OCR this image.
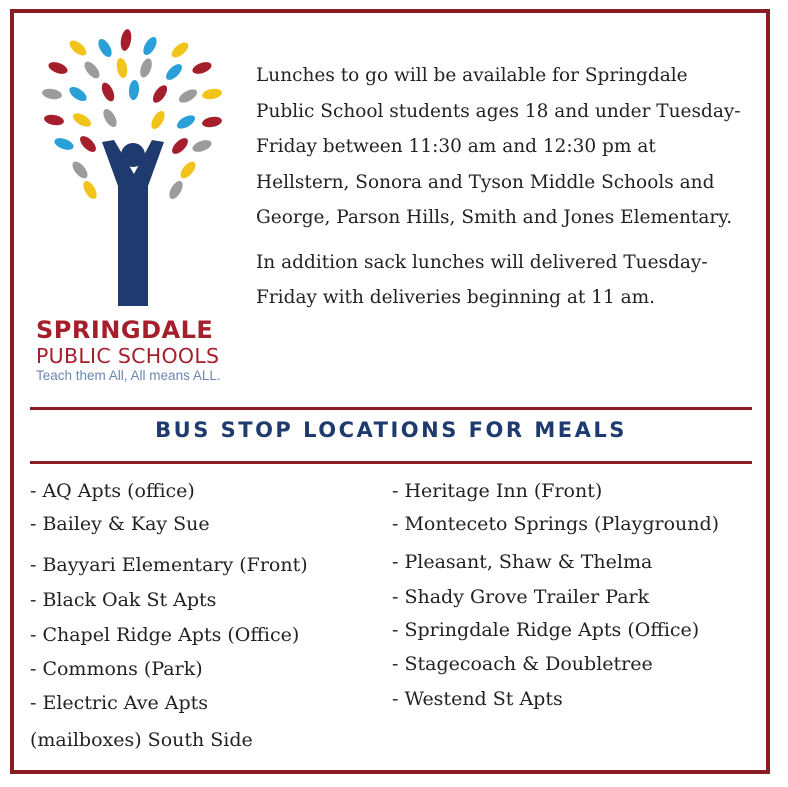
SPRINGDALE
PUBLIC SCHOOLS
Teach them All, All means ALL.

Lunches to go will be available for Springdale Public School students ages 18 and under Tuesday-Friday between 11:30 am and 12:30 pm at Hellstern, Sonora and Tyson Middle Schools and George, Parson Hills, Smith and Jones Elementary.

In addition sack lunches will delivered Tuesday-Friday with deliveries beginning at 11 am.

BUS STOP LOCATIONS FOR MEALS
- AQ Apts (office)
- Bailey & Kay Sue
- Bayyari Elementary (Front)
- Black Oak St Apts
- Chapel Ridge Apts (Office)
- Commons (Park)
- Electric Ave Apts
(mailboxes) South Side
- Heritage Inn (Front)
- Monteceto Springs (Playground)
- Pleasant, Shaw & Thelma
- Shady Grove Trailer Park
- Springdale Ridge Apts (Office)
- Stagecoach & Doubletree
- Westend St Apts
